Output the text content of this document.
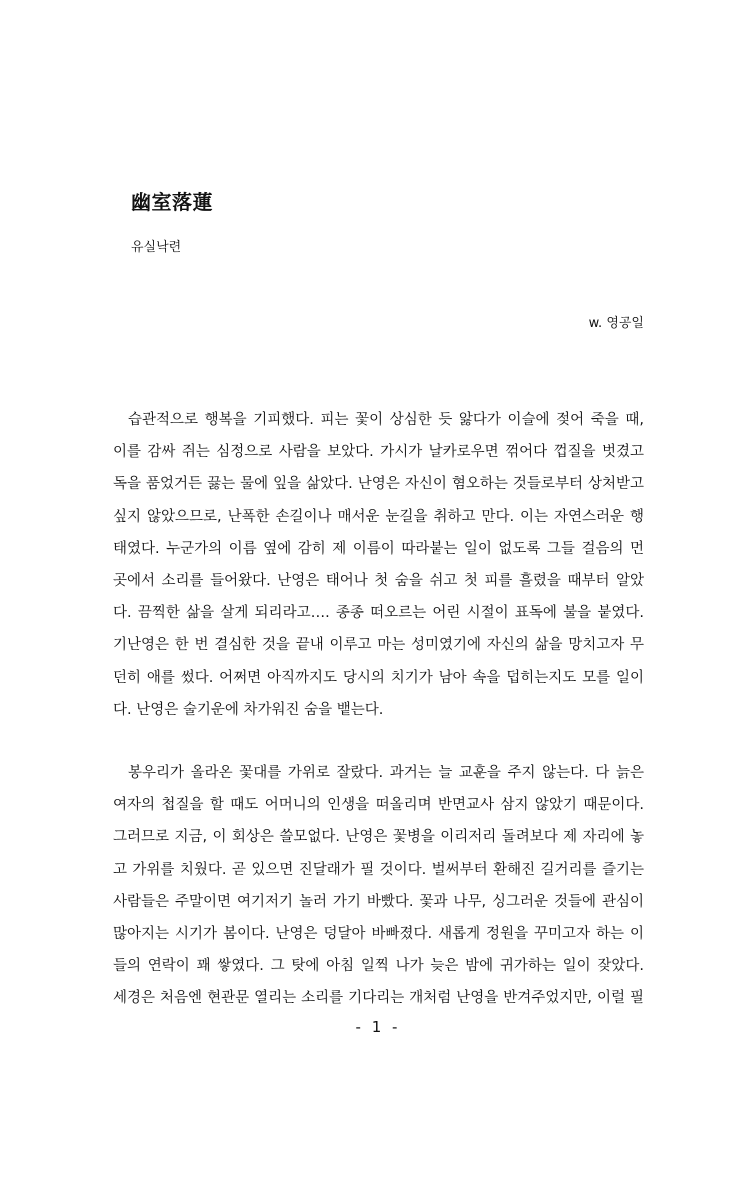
幽室落蓮

유실낙련

w. 영공일

습관적으로 행복을 기피했다. 피는 꽃이 상심한 듯 앓다가 이슬에 젖어 죽을 때,
이를 감싸 쥐는 심정으로 사람을 보았다. 가시가 날카로우면 꺾어다 껍질을 벗겼고
독을 품었거든 끓는 물에 잎을 삶았다. 난영은 자신이 혐오하는 것들로부터 상처받고
싶지 않았으므로, 난폭한 손길이나 매서운 눈길을 취하고 만다. 이는 자연스러운 행
태였다. 누군가의 이름 옆에 감히 제 이름이 따라붙는 일이 없도록 그들 걸음의 먼
곳에서 소리를 들어왔다. 난영은 태어나 첫 숨을 쉬고 첫 피를 흘렸을 때부터 알았
다. 끔찍한 삶을 살게 되리라고…. 종종 떠오르는 어린 시절이 표독에 불을 붙였다.
기난영은 한 번 결심한 것을 끝내 이루고 마는 성미였기에 자신의 삶을 망치고자 무
던히 애를 썼다. 어쩌면 아직까지도 당시의 치기가 남아 속을 덥히는지도 모를 일이
다. 난영은 술기운에 차가워진 숨을 뱉는다.
봉우리가 올라온 꽃대를 가위로 잘랐다. 과거는 늘 교훈을 주지 않는다. 다 늙은
여자의 첩질을 할 때도 어머니의 인생을 떠올리며 반면교사 삼지 않았기 때문이다.
그러므로 지금, 이 회상은 쓸모없다. 난영은 꽃병을 이리저리 돌려보다 제 자리에 놓
고 가위를 치웠다. 곧 있으면 진달래가 필 것이다. 벌써부터 환해진 길거리를 즐기는
사람들은 주말이면 여기저기 놀러 가기 바빴다. 꽃과 나무, 싱그러운 것들에 관심이
많아지는 시기가 봄이다. 난영은 덩달아 바빠졌다. 새롭게 정원을 꾸미고자 하는 이
들의 연락이 꽤 쌓였다. 그 탓에 아침 일찍 나가 늦은 밤에 귀가하는 일이 잦았다.
세경은 처음엔 현관문 열리는 소리를 기다리는 개처럼 난영을 반겨주었지만, 이럴 필

- 1 -
